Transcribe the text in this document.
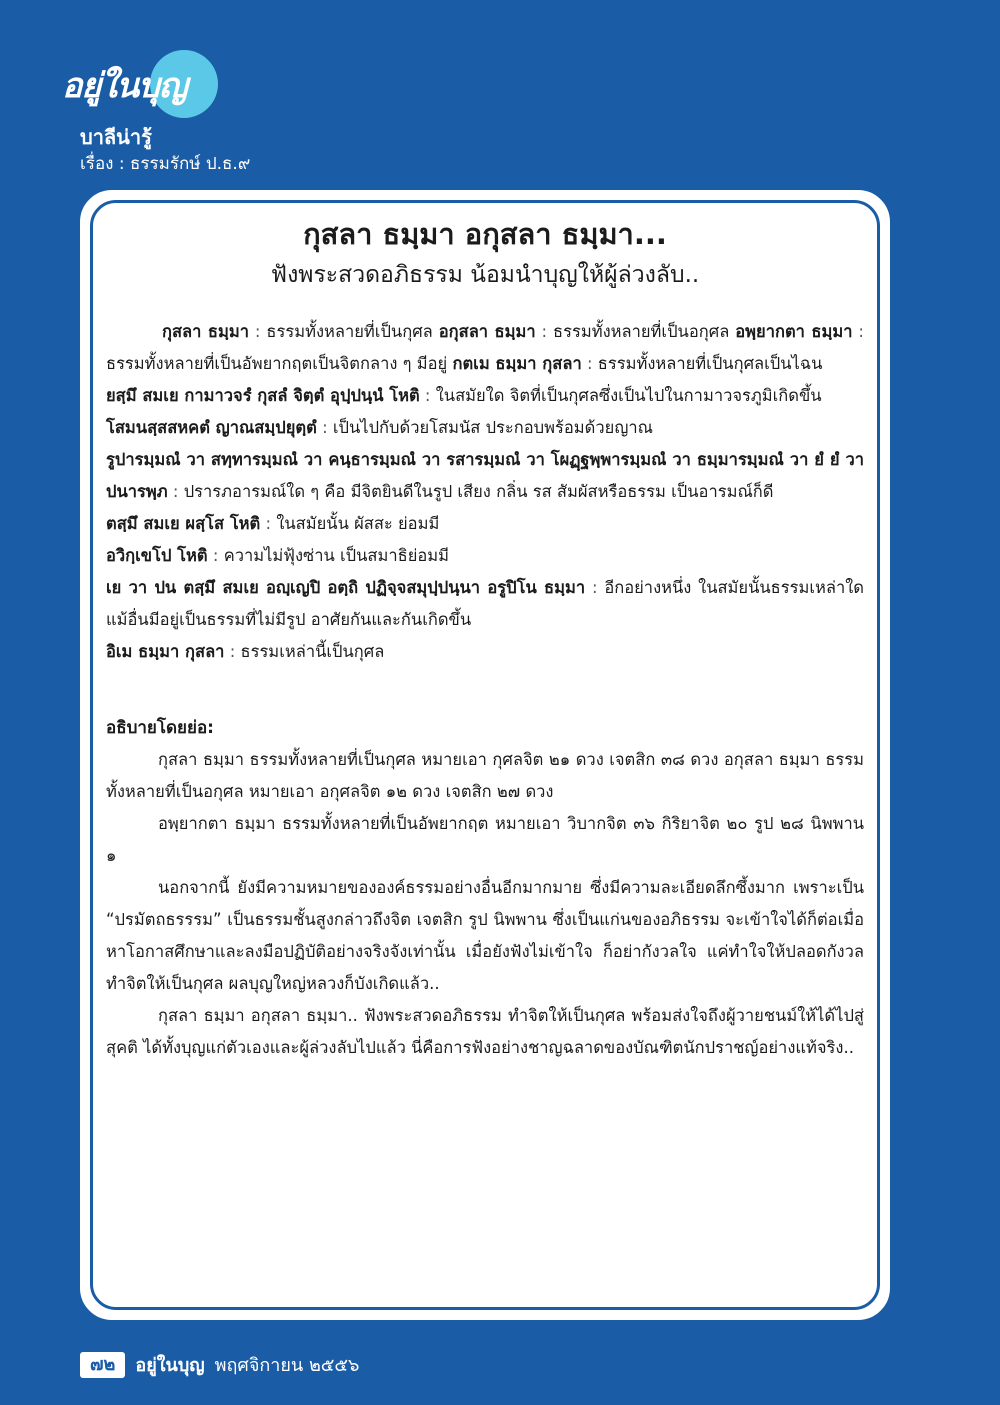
อยู่ในบุญ
บาลีน่ารู้
เรื่อง : ธรรมรักษ์ ป.ธ.๙
กุสลา ธมฺมา อกุสลา ธมฺมา...

ฟังพระสวดอภิธรรม น้อมนำบุญให้ผู้ล่วงลับ..

กุสลา ธมฺมา : ธรรมทั้งหลายที่เป็นกุศล อกุสลา ธมฺมา : ธรรมทั้งหลายที่เป็นอกุศล อพฺยากตา ธมฺมา : ธรรมทั้งหลายที่เป็นอัพยากฤตเป็นจิตกลาง ๆ มีอยู่ กตเม ธมฺมา กุสลา : ธรรมทั้งหลายที่เป็นกุศลเป็นไฉน

ยสฺมึ สมเย กามาวจรํ กุสลํ จิตฺตํ อุปฺปนฺนํ โหติ : ในสมัยใด จิตที่เป็นกุศลซึ่งเป็นไปในกามาวจรภูมิเกิดขึ้น

โสมนสฺสสหคตํ ญาณสมฺปยุตฺตํ : เป็นไปกับด้วยโสมนัส ประกอบพร้อมด้วยญาณ

รูปารมฺมณํ วา สทฺทารมฺมณํ วา คนฺธารมฺมณํ วา รสารมฺมณํ วา โผฏฺฐพฺพารมฺมณํ วา ธมฺมารมฺมณํ วา ยํ ยํ วา ปนารพฺภ : ปรารภอารมณ์ใด ๆ คือ มีจิตยินดีในรูป เสียง กลิ่น รส สัมผัสหรือธรรม เป็นอารมณ์ก็ดี

ตสฺมึ สมเย ผสฺโส โหติ : ในสมัยนั้น ผัสสะ ย่อมมี

อวิกฺเขโป โหติ : ความไม่ฟุ้งซ่าน เป็นสมาธิย่อมมี

เย วา ปน ตสฺมึ สมเย อญฺเญปิ อตฺถิ ปฏิจฺจสมุปฺปนฺนา อรูปิโน ธมฺมา : อีกอย่างหนึ่ง ในสมัยนั้นธรรมเหล่าใด แม้อื่นมีอยู่เป็นธรรมที่ไม่มีรูป อาศัยกันและกันเกิดขึ้น

อิเม ธมฺมา กุสลา : ธรรมเหล่านี้เป็นกุศล

อธิบายโดยย่อ:

กุสลา ธมฺมา ธรรมทั้งหลายที่เป็นกุศล หมายเอา กุศลจิต ๒๑ ดวง เจตสิก ๓๘ ดวง อกุสลา ธมฺมา ธรรมทั้งหลายที่เป็นอกุศล หมายเอา อกุศลจิต ๑๒ ดวง เจตสิก ๒๗ ดวง

อพฺยากตา ธมฺมา ธรรมทั้งหลายที่เป็นอัพยากฤต หมายเอา วิบากจิต ๓๖ กิริยาจิต ๒๐ รูป ๒๘ นิพพาน ๑

นอกจากนี้ ยังมีความหมายขององค์ธรรมอย่างอื่นอีกมากมาย ซึ่งมีความละเอียดลึกซึ้งมาก เพราะเป็น “ปรมัตถธรรรม” เป็นธรรมชั้นสูงกล่าวถึงจิต เจตสิก รูป นิพพาน ซึ่งเป็นแก่นของอภิธรรม จะเข้าใจได้ก็ต่อเมื่อหาโอกาสศึกษาและลงมือปฏิบัติอย่างจริงจังเท่านั้น เมื่อยังฟังไม่เข้าใจ ก็อย่ากังวลใจ แค่ทำใจให้ปลอดกังวล ทำจิตให้เป็นกุศล ผลบุญใหญ่หลวงก็บังเกิดแล้ว..

กุสลา ธมฺมา อกุสลา ธมฺมา.. ฟังพระสวดอภิธรรม ทำจิตให้เป็นกุศล พร้อมส่งใจถึงผู้วายชนม์ให้ได้ไปสู่สุคติ ได้ทั้งบุญแก่ตัวเองและผู้ล่วงลับไปแล้ว นี่คือการฟังอย่างชาญฉลาดของบัณฑิตนักปราชญ์อย่างแท้จริง..

๗๒	อยู่ในบุญ พฤศจิกายน ๒๕๕๖
